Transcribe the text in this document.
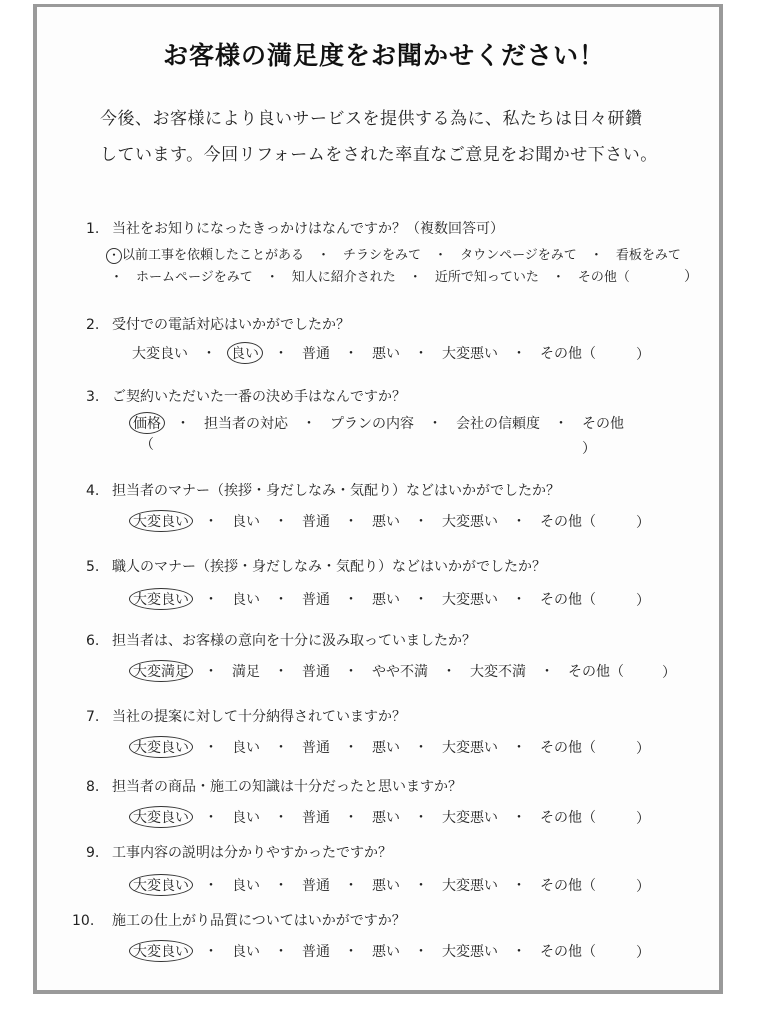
お客様の満足度をお聞かせください！
今後、お客様により良いサービスを提供する為に、私たちは日々研鑽
しています。今回リフォームをされた率直なご意見をお聞かせ下さい。
1. 当社をお知りになったきっかけはなんですか？（複数回答可）
・ 以前工事を依頼したことがある　・　チラシをみて　・　タウンページをみて　・　看板をみて
・　ホームページをみて　・　知人に紹介された　・　近所で知っていた　・　その他（	）
2. 受付での電話対応はいかがでしたか？
大変良い　・　良い　・　普通　・　悪い　・　大変悪い　・　その他（	）
3. ご契約いただいた一番の決め手はなんですか？
価格　・　担当者の対応　・　プランの内容　・　会社の信頼度　・　その他
（	）
4. 担当者のマナー（挨拶・身だしなみ・気配り）などはいかがでしたか？
大変良い　・　良い　・　普通　・　悪い　・　大変悪い　・　その他（	）
5. 職人のマナー（挨拶・身だしなみ・気配り）などはいかがでしたか？
大変良い　・　良い　・　普通　・　悪い　・　大変悪い　・　その他（	）
6. 担当者は、お客様の意向を十分に汲み取っていましたか？
大変満足　・　満足　・　普通　・　やや不満　・　大変不満　・　その他（	）
7. 当社の提案に対して十分納得されていますか？
大変良い　・　良い　・　普通　・　悪い　・　大変悪い　・　その他（	）
8. 担当者の商品・施工の知識は十分だったと思いますか？
大変良い　・　良い　・　普通　・　悪い　・　大変悪い　・　その他（	）
9. 工事内容の説明は分かりやすかったですか？
大変良い　・　良い　・　普通　・　悪い　・　大変悪い　・　その他（	）
10. 施工の仕上がり品質についてはいかがですか？
大変良い　・　良い　・　普通　・　悪い　・　大変悪い　・　その他（	）
